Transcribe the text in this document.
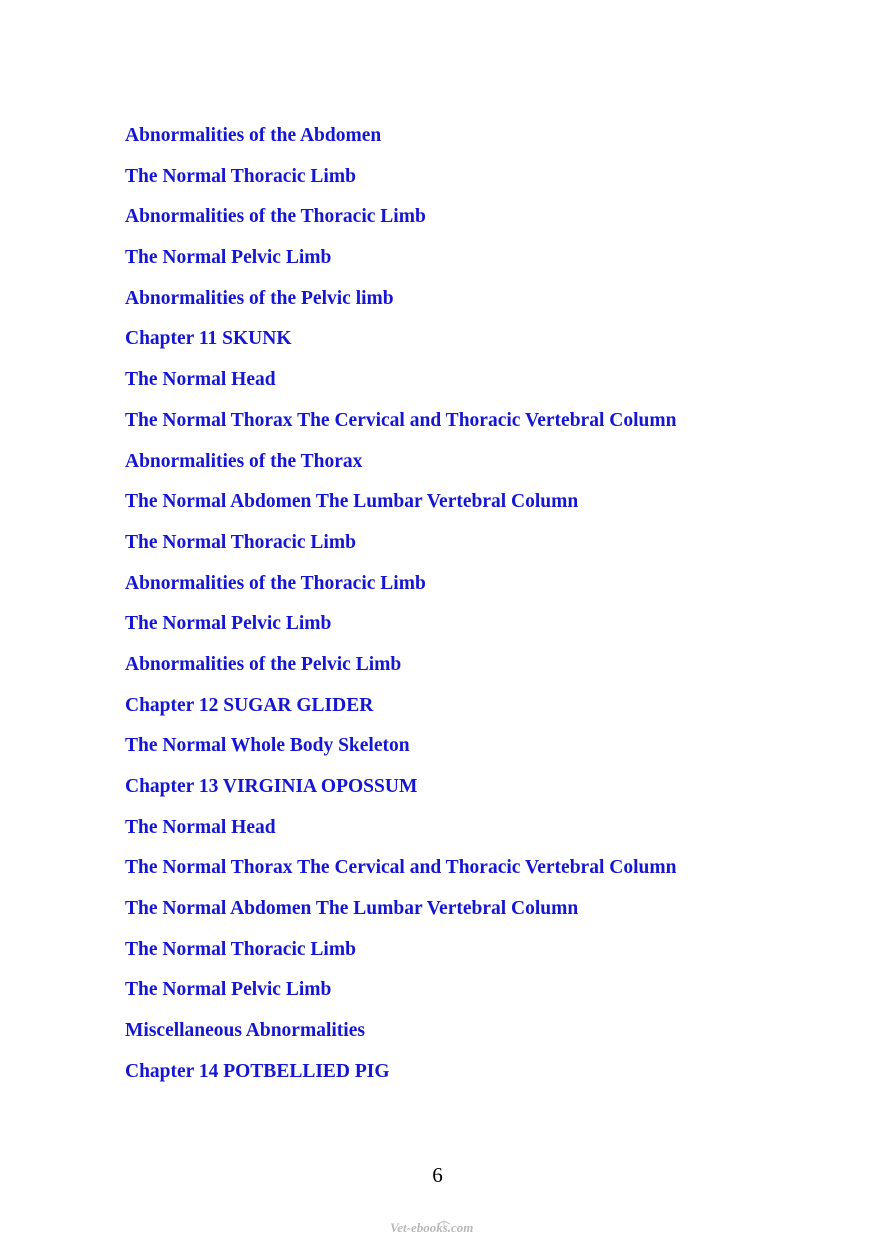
Abnormalities of the Abdomen
The Normal Thoracic Limb
Abnormalities of the Thoracic Limb
The Normal Pelvic Limb
Abnormalities of the Pelvic limb
Chapter 11 SKUNK
The Normal Head
The Normal Thorax The Cervical and Thoracic Vertebral Column
Abnormalities of the Thorax
The Normal Abdomen The Lumbar Vertebral Column
The Normal Thoracic Limb
Abnormalities of the Thoracic Limb
The Normal Pelvic Limb
Abnormalities of the Pelvic Limb
Chapter 12 SUGAR GLIDER
The Normal Whole Body Skeleton
Chapter 13 VIRGINIA OPOSSUM
The Normal Head
The Normal Thorax The Cervical and Thoracic Vertebral Column
The Normal Abdomen The Lumbar Vertebral Column
The Normal Thoracic Limb
The Normal Pelvic Limb
Miscellaneous Abnormalities
Chapter 14 POTBELLIED PIG
6
Vet-ebooks.com
